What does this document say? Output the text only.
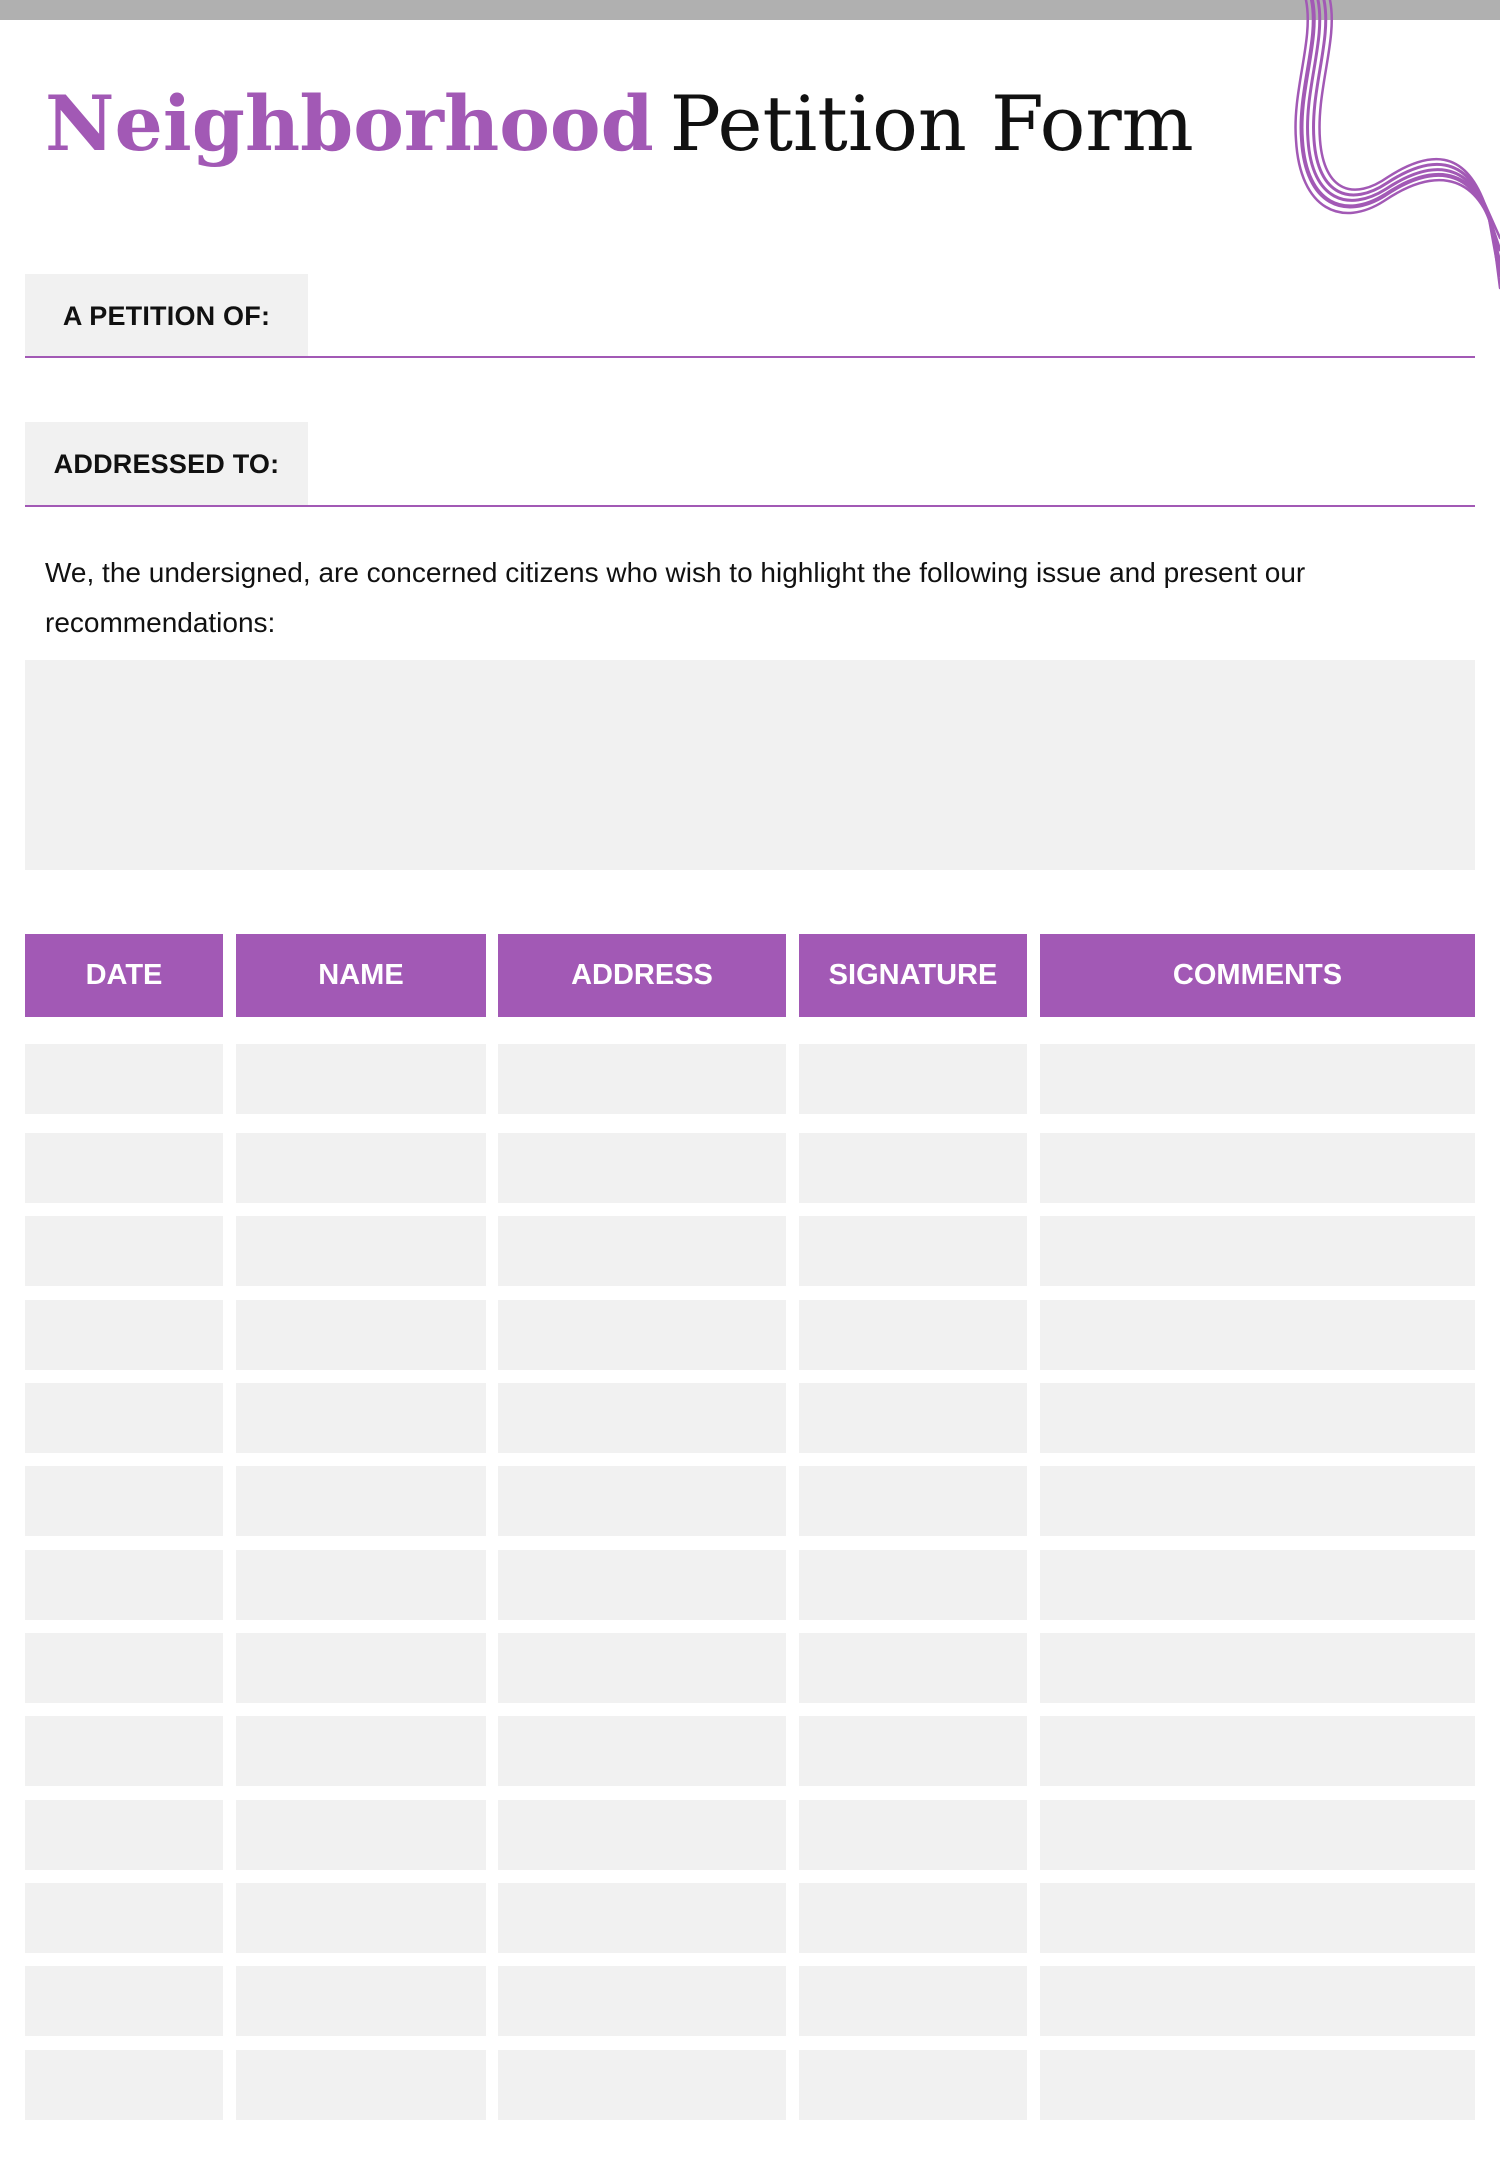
Neighborhood Petition Form
A PETITION OF:
ADDRESSED TO:

We, the undersigned, are concerned citizens who wish to highlight the following issue and present our recommendations:

DATE	NAME	ADDRESS	SIGNATURE	COMMENTS
